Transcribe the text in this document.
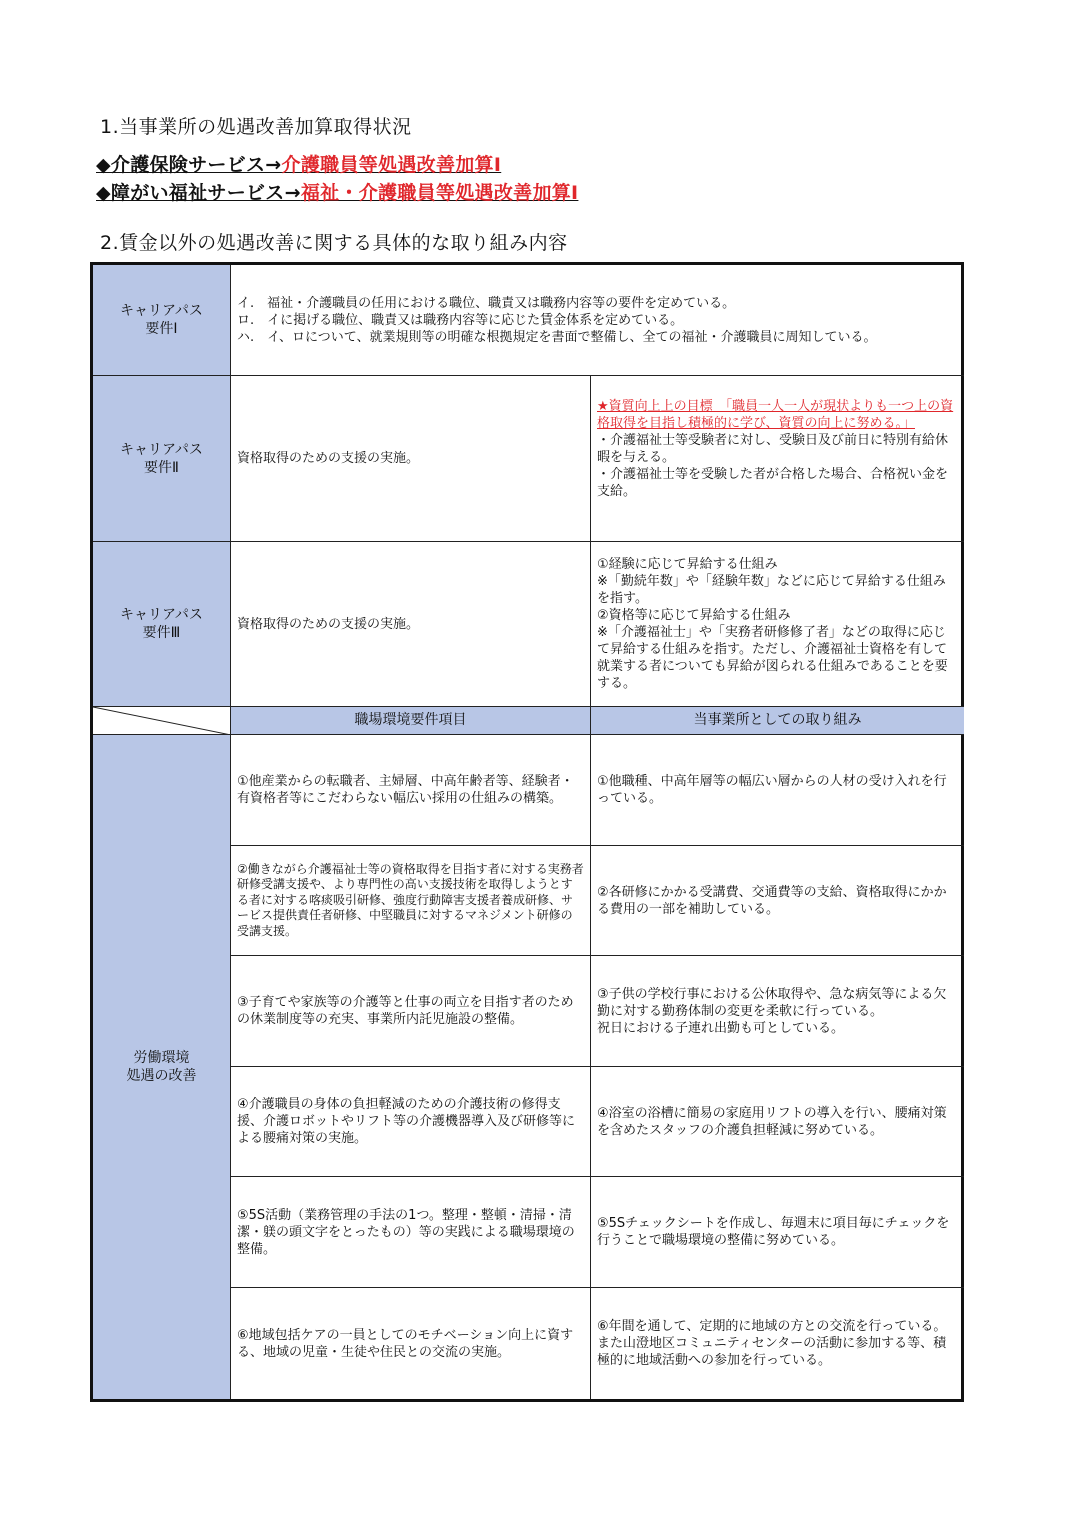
1.当事業所の処遇改善加算取得状況
◆介護保険サービス→介護職員等処遇改善加算Ⅰ
◆障がい福祉サービス→福祉・介護職員等処遇改善加算Ⅰ
2.賃金以外の処遇改善に関する具体的な取り組み内容
キャリアパス
要件Ⅰ
イ.　福祉・介護職員の任用における職位、職責又は職務内容等の要件を定めている。
ロ.　イに掲げる職位、職責又は職務内容等に応じた賃金体系を定めている。
ハ.　イ、ロについて、就業規則等の明確な根拠規定を書面で整備し、全ての福祉・介護職員に周知している。
キャリアパス
要件Ⅱ
資格取得のための支援の実施。
★資質向上上の目標　「職員一人一人が現状よりも一つ上の資格取得を目指し積極的に学び、資質の向上に努める。」
・介護福祉士等受験者に対し、受験日及び前日に特別有給休暇を与える。
・介護福祉士等を受験した者が合格した場合、合格祝い金を支給。
キャリアパス
要件Ⅲ
資格取得のための支援の実施。
①経験に応じて昇給する仕組み
※「勤続年数」や「経験年数」などに応じて昇給する仕組みを指す。
②資格等に応じて昇給する仕組み
※「介護福祉士」や「実務者研修修了者」などの取得に応じて昇給する仕組みを指す。ただし、介護福祉士資格を有して就業する者についても昇給が図られる仕組みであることを要する。
職場環境要件項目	当事業所としての取り組み
労働環境
処遇の改善
①他産業からの転職者、主婦層、中高年齢者等、経験者・有資格者等にこだわらない幅広い採用の仕組みの構築。
①他職種、中高年層等の幅広い層からの人材の受け入れを行っている。
②働きながら介護福祉士等の資格取得を目指す者に対する実務者研修受講支援や、より専門性の高い支援技術を取得しようとする者に対する喀痰吸引研修、強度行動障害支援者養成研修、サービス提供責任者研修、中堅職員に対するマネジメント研修の受講支援。
②各研修にかかる受講費、交通費等の支給、資格取得にかかる費用の一部を補助している。
③子育てや家族等の介護等と仕事の両立を目指す者のための休業制度等の充実、事業所内託児施設の整備。
③子供の学校行事における公休取得や、急な病気等による欠勤に対する勤務体制の変更を柔軟に行っている。
祝日における子連れ出勤も可としている。
④介護職員の身体の負担軽減のための介護技術の修得支援、介護ロボットやリフト等の介護機器導入及び研修等による腰痛対策の実施。
④浴室の浴槽に簡易の家庭用リフトの導入を行い、腰痛対策を含めたスタッフの介護負担軽減に努めている。
⑤5S活動（業務管理の手法の1つ。整理・整頓・清掃・清潔・躾の頭文字をとったもの）等の実践による職場環境の整備。
⑤5Sチェックシートを作成し、毎週末に項目毎にチェックを行うことで職場環境の整備に努めている。
⑥地域包括ケアの一員としてのモチベーション向上に資する、地域の児童・生徒や住民との交流の実施。
⑥年間を通して、定期的に地域の方との交流を行っている。また山澄地区コミュニティセンターの活動に参加する等、積極的に地域活動への参加を行っている。
